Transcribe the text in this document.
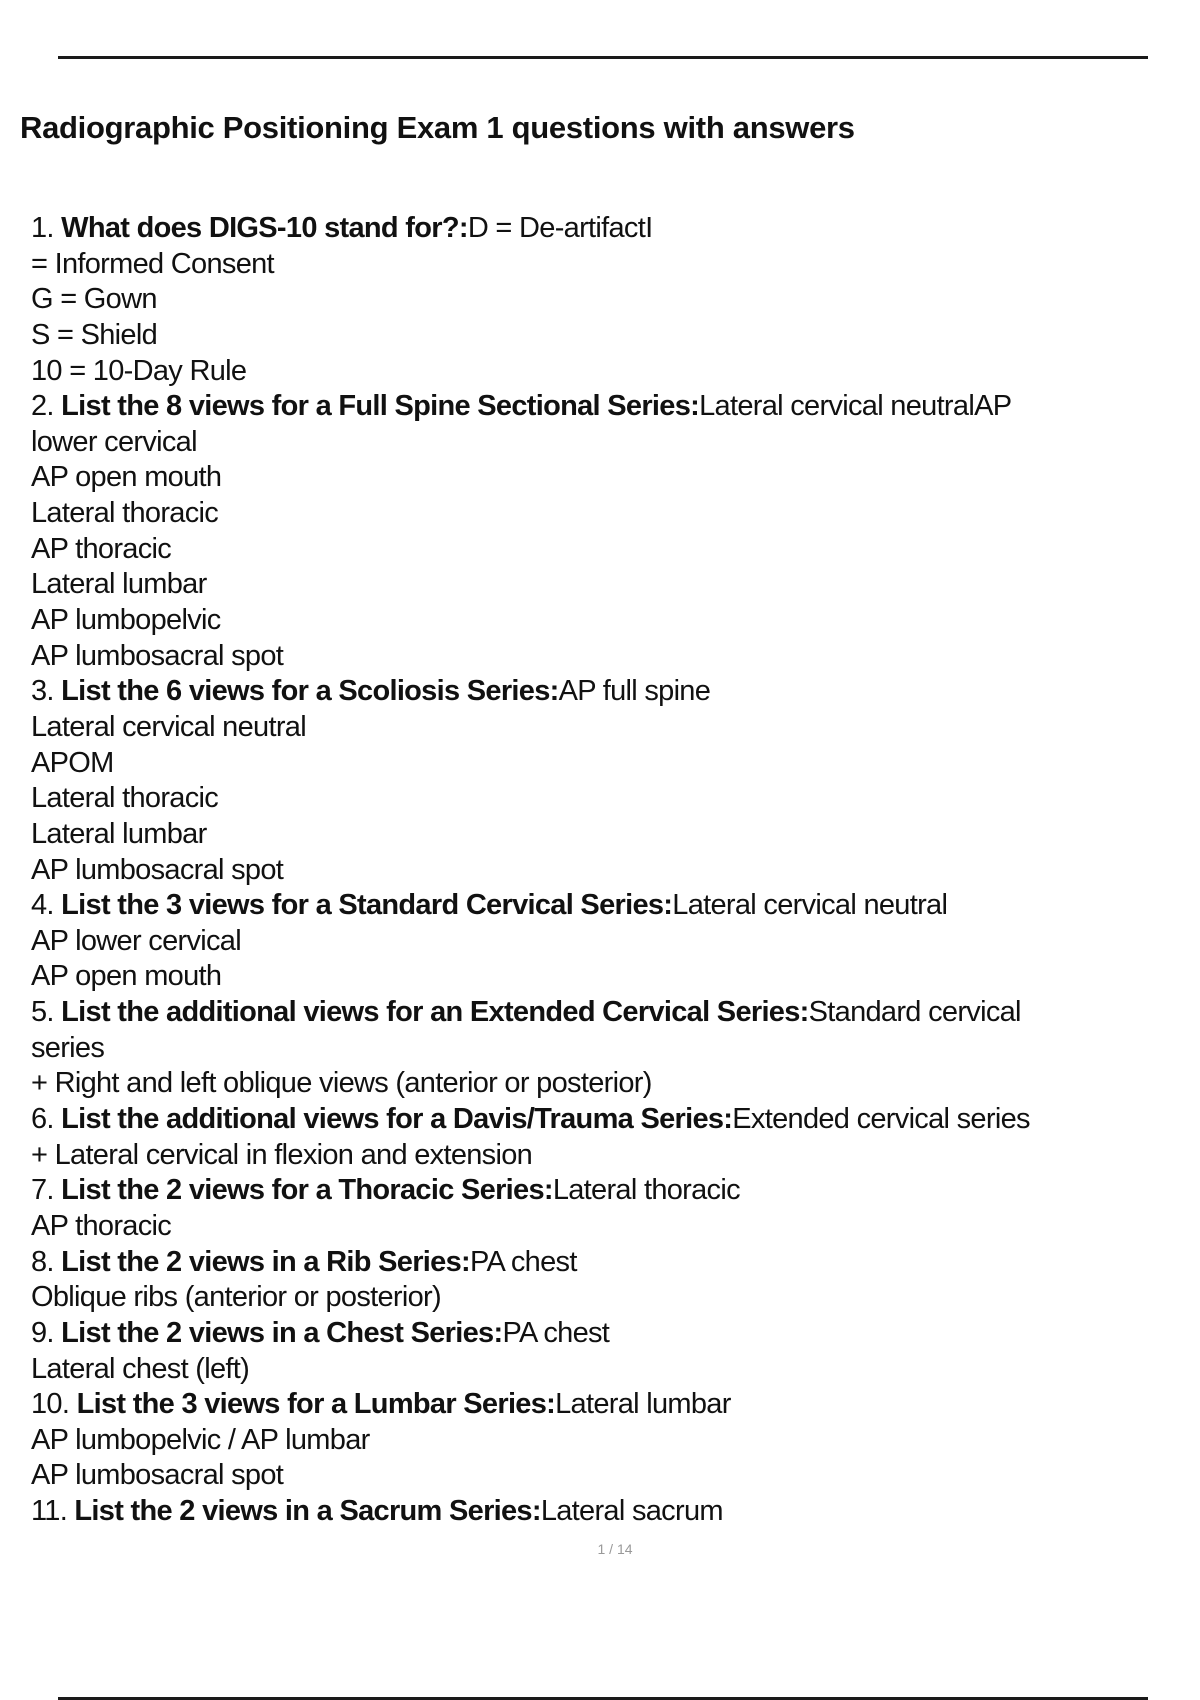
Radiographic Positioning Exam 1 questions with answers
1. What does DIGS-10 stand for?:D = De-artifactI
= Informed Consent
G = Gown
S = Shield
10 = 10-Day Rule
2. List the 8 views for a Full Spine Sectional Series:Lateral cervical neutralAP
lower cervical
AP open mouth
Lateral thoracic
AP thoracic
Lateral lumbar
AP lumbopelvic
AP lumbosacral spot
3. List the 6 views for a Scoliosis Series:AP full spine
Lateral cervical neutral
APOM
Lateral thoracic
Lateral lumbar
AP lumbosacral spot
4. List the 3 views for a Standard Cervical Series:Lateral cervical neutral
AP lower cervical
AP open mouth
5. List the additional views for an Extended Cervical Series:Standard cervical
series
+ Right and left oblique views (anterior or posterior)
6. List the additional views for a Davis/Trauma Series:Extended cervical series
+ Lateral cervical in flexion and extension
7. List the 2 views for a Thoracic Series:Lateral thoracic
AP thoracic
8. List the 2 views in a Rib Series:PA chest
Oblique ribs (anterior or posterior)
9. List the 2 views in a Chest Series:PA chest
Lateral chest (left)
10. List the 3 views for a Lumbar Series:Lateral lumbar
AP lumbopelvic / AP lumbar
AP lumbosacral spot
11. List the 2 views in a Sacrum Series:Lateral sacrum
1 / 14
